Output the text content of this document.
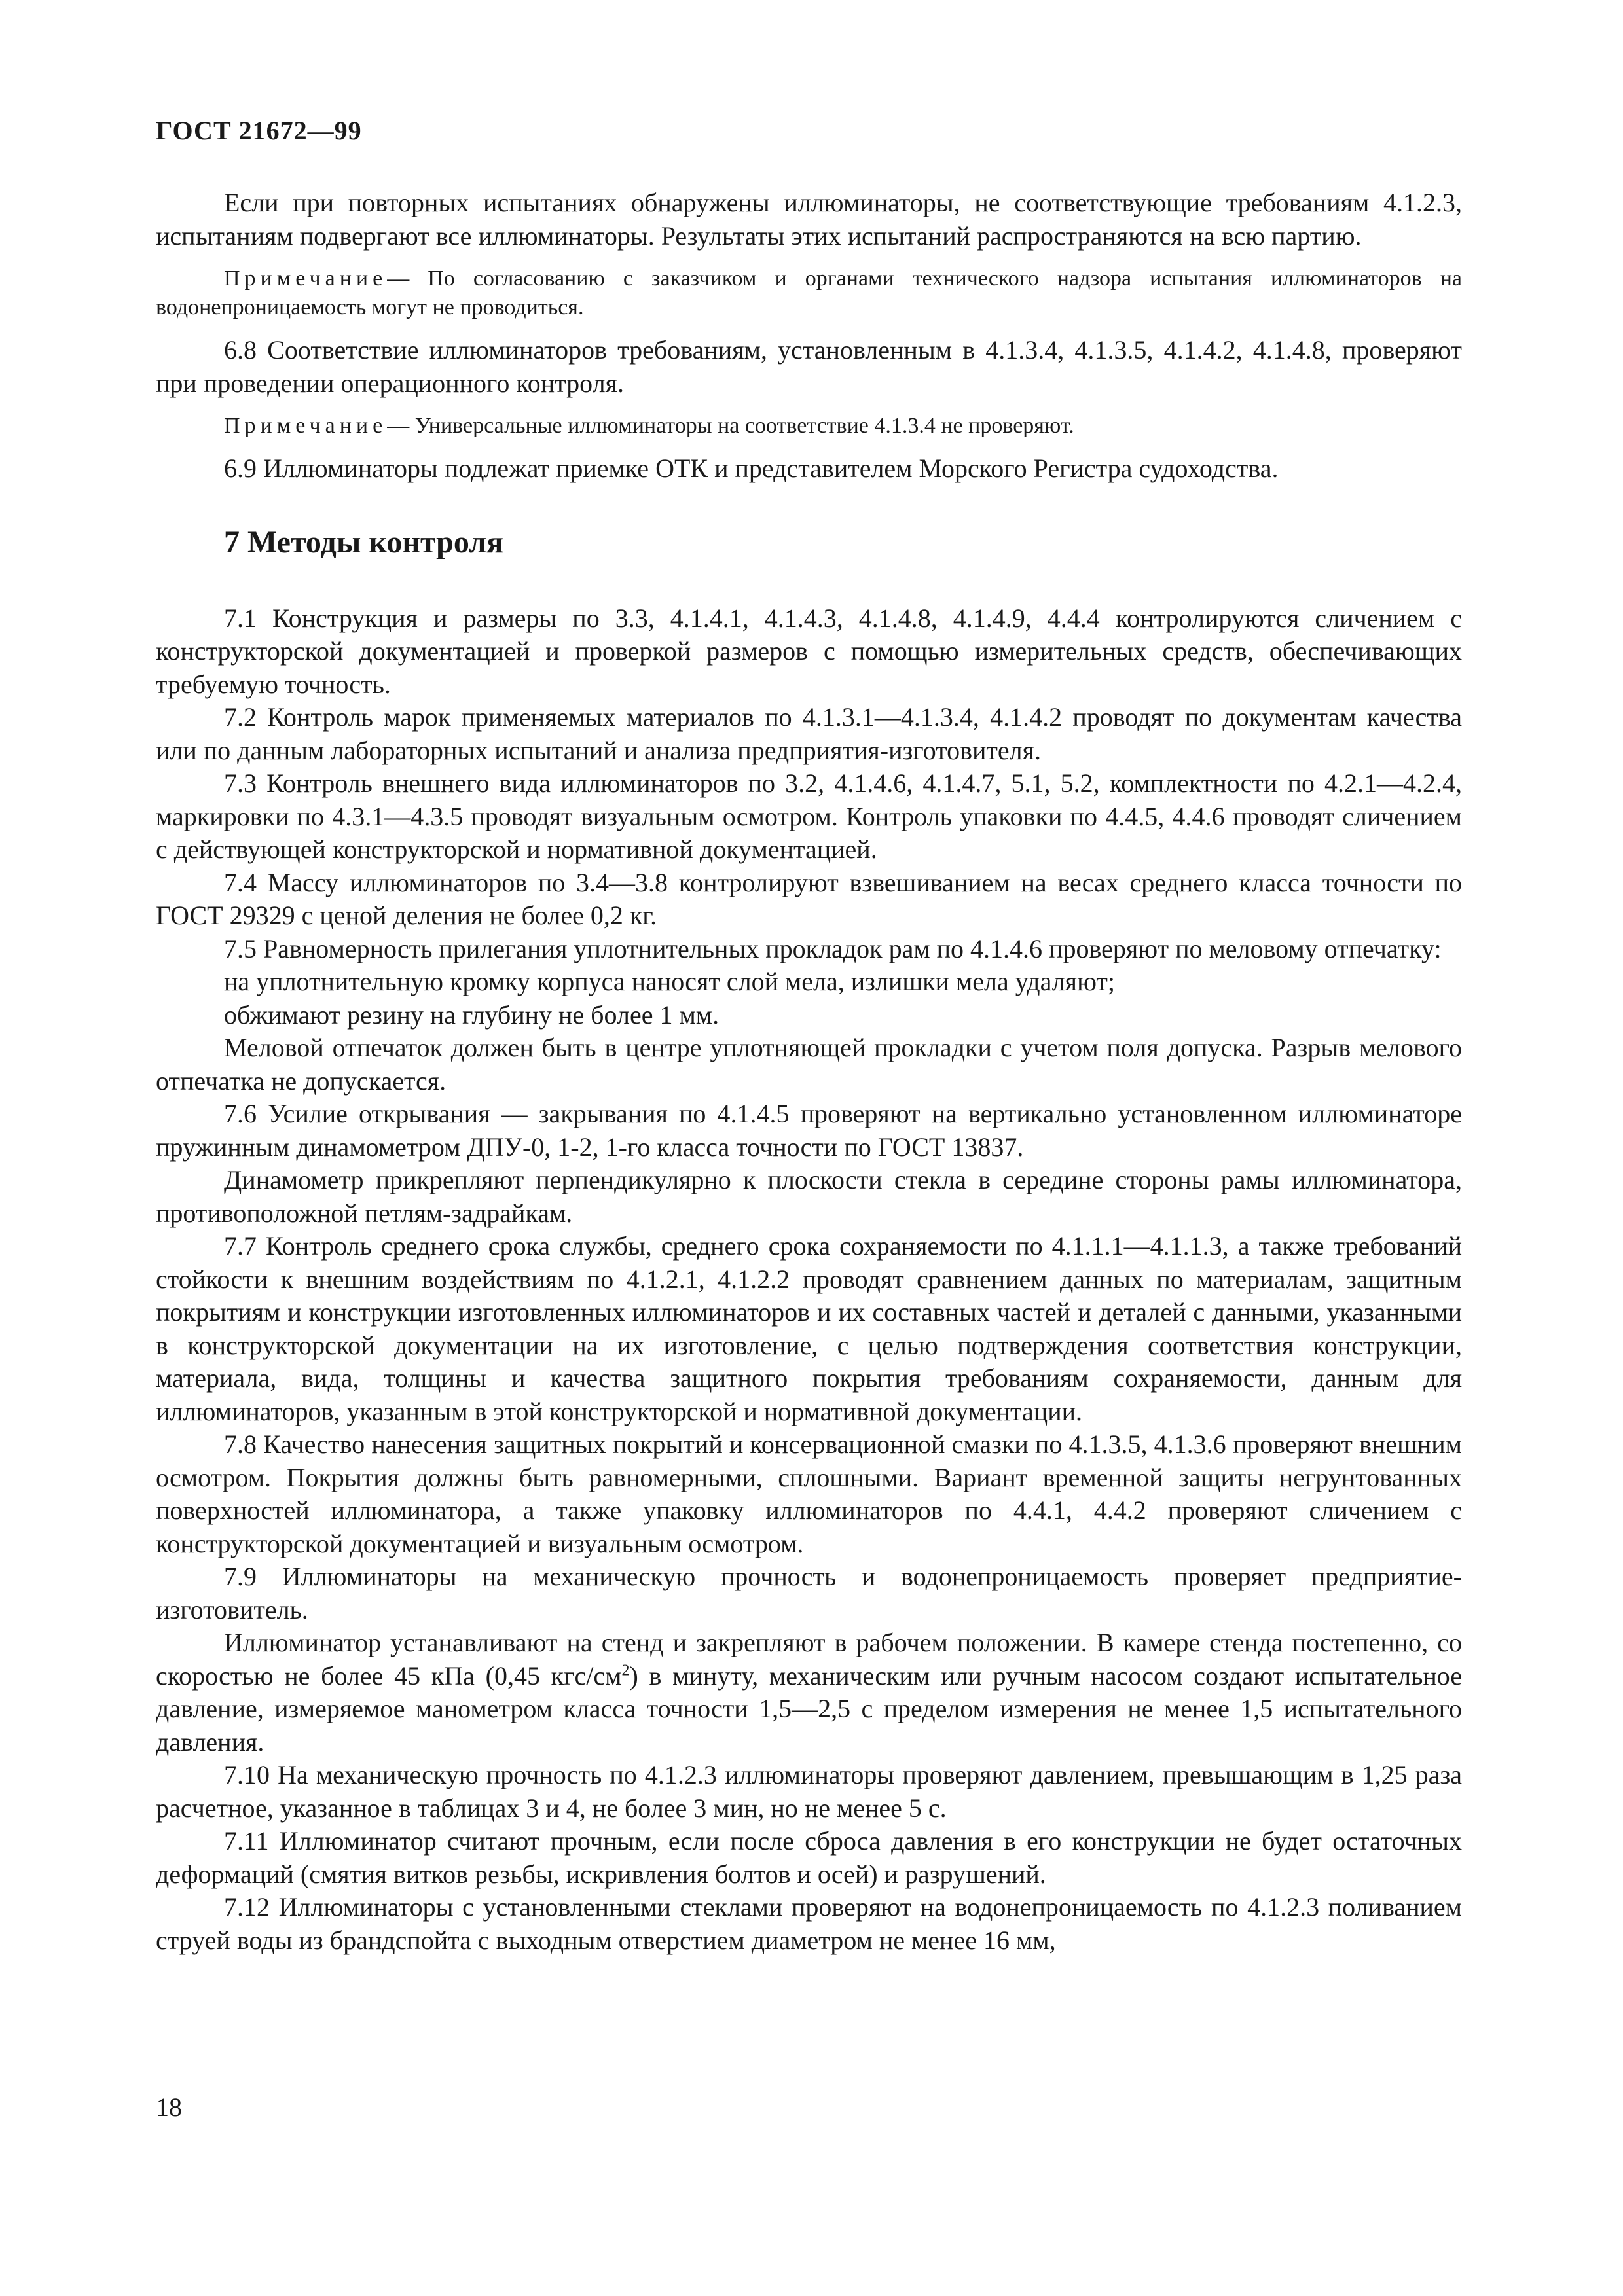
ГОСТ 21672—99

Если при повторных испытаниях обнаружены иллюминаторы, не соответствующие требованиям 4.1.2.3, испытаниям подвергают все иллюминаторы. Результаты этих испытаний распространяются на всю партию.

Примечание— По согласованию с заказчиком и органами технического надзора испытания иллюминаторов на водонепроницаемость могут не проводиться.

6.8 Соответствие иллюминаторов требованиям, установленным в 4.1.3.4, 4.1.3.5, 4.1.4.2, 4.1.4.8, проверяют при проведении операционного контроля.

Примечание— Универсальные иллюминаторы на соответствие 4.1.3.4 не проверяют.

6.9 Иллюминаторы подлежат приемке ОТК и представителем Морского Регистра судоходства.

7 Методы контроля

7.1 Конструкция и размеры по 3.3, 4.1.4.1, 4.1.4.3, 4.1.4.8, 4.1.4.9, 4.4.4 контролируются сличением с конструкторской документацией и проверкой размеров с помощью измерительных средств, обеспечивающих требуемую точность.

7.2 Контроль марок применяемых материалов по 4.1.3.1—4.1.3.4, 4.1.4.2 проводят по документам качества или по данным лабораторных испытаний и анализа предприятия-изготовителя.

7.3 Контроль внешнего вида иллюминаторов по 3.2, 4.1.4.6, 4.1.4.7, 5.1, 5.2, комплектности по 4.2.1—4.2.4, маркировки по 4.3.1—4.3.5 проводят визуальным осмотром. Контроль упаковки по 4.4.5, 4.4.6 проводят сличением с действующей конструкторской и нормативной документацией.

7.4 Массу иллюминаторов по 3.4—3.8 контролируют взвешиванием на весах среднего класса точности по ГОСТ 29329 с ценой деления не более 0,2 кг.

7.5 Равномерность прилегания уплотнительных прокладок рам по 4.1.4.6 проверяют по меловому отпечатку:

на уплотнительную кромку корпуса наносят слой мела, излишки мела удаляют;

обжимают резину на глубину не более 1 мм.

Меловой отпечаток должен быть в центре уплотняющей прокладки с учетом поля допуска. Разрыв мелового отпечатка не допускается.

7.6 Усилие открывания — закрывания по 4.1.4.5 проверяют на вертикально установленном иллюминаторе пружинным динамометром ДПУ-0, 1-2, 1-го класса точности по ГОСТ 13837.

Динамометр прикрепляют перпендикулярно к плоскости стекла в середине стороны рамы иллюминатора, противоположной петлям-задрайкам.

7.7 Контроль среднего срока службы, среднего срока сохраняемости по 4.1.1.1—4.1.1.3, а также требований стойкости к внешним воздействиям по 4.1.2.1, 4.1.2.2 проводят сравнением данных по материалам, защитным покрытиям и конструкции изготовленных иллюминаторов и их составных частей и деталей с данными, указанными в конструкторской документации на их изготовление, с целью подтверждения соответствия конструкции, материала, вида, толщины и качества защитного покрытия требованиям сохраняемости, данным для иллюминаторов, указанным в этой конструкторской и нормативной документации.

7.8 Качество нанесения защитных покрытий и консервационной смазки по 4.1.3.5, 4.1.3.6 проверяют внешним осмотром. Покрытия должны быть равномерными, сплошными. Вариант временной защиты негрунтованных поверхностей иллюминатора, а также упаковку иллюминаторов по 4.4.1, 4.4.2 проверяют сличением с конструкторской документацией и визуальным осмотром.

7.9 Иллюминаторы на механическую прочность и водонепроницаемость проверяет предприятие-изготовитель.

Иллюминатор устанавливают на стенд и закрепляют в рабочем положении. В камере стенда постепенно, со скоростью не более 45 кПа (0,45 кгс/$см^2$) в минуту, механическим или ручным насосом создают испытательное давление, измеряемое манометром класса точности 1,5—2,5 с пределом измерения не менее 1,5 испытательного давления.

7.10 На механическую прочность по 4.1.2.3 иллюминаторы проверяют давлением, превышающим в 1,25 раза расчетное, указанное в таблицах 3 и 4, не более 3 мин, но не менее 5 с.

7.11 Иллюминатор считают прочным, если после сброса давления в его конструкции не будет остаточных деформаций (смятия витков резьбы, искривления болтов и осей) и разрушений.

7.12 Иллюминаторы с установленными стеклами проверяют на водонепроницаемость по 4.1.2.3 поливанием струей воды из брандспойта с выходным отверстием диаметром не менее 16 мм,

18
